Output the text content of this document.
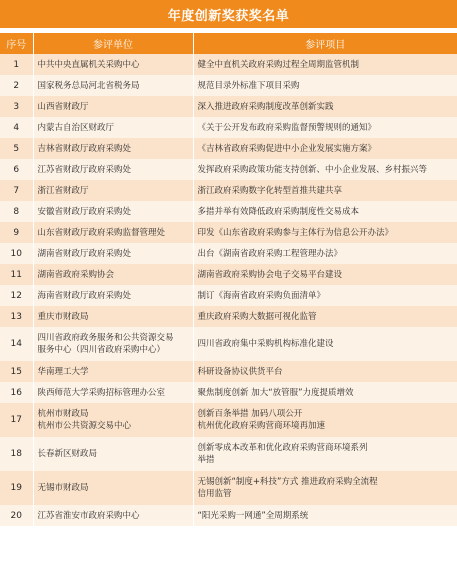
年度创新奖获奖名单
序号	参评单位	参评项目
1	中共中央直属机关采购中心	健全中直机关政府采购过程全周期监管机制

2	国家税务总局河北省税务局	规范目录外标准下项目采购

3	山西省财政厅	深入推进政府采购制度改革创新实践

4	内蒙古自治区财政厅	《关于公开发布政府采购监督预警规则的通知》

5	吉林省财政厅政府采购处	《吉林省政府采购促进中小企业发展实施方案》

6	江苏省财政厅政府采购处	发挥政府采购政策功能支持创新、中小企业发展、乡村振兴等

7	浙江省财政厅	浙江政府采购数字化转型首推共建共享

8	安徽省财政厅政府采购处	多措并举有效降低政府采购制度性交易成本

9	山东省财政厅政府采购监督管理处	印发《山东省政府采购参与主体行为信息公开办法》

10	湖南省财政厅政府采购处	出台《湖南省政府采购工程管理办法》

11	湖南省政府采购协会	湖南省政府采购协会电子交易平台建设

12	海南省财政厅政府采购处	制订《海南省政府采购负面清单》

13	重庆市财政局	重庆政府采购大数据可视化监管

14	四川省政府政务服务和公共资源交易
服务中心（四川省政府采购中心）	四川省政府集中采购机构标准化建设

15	华南理工大学	科研设备协议供货平台

16	陕西师范大学采购招标管理办公室	聚焦制度创新 加大“放管服”力度提质增效

17	杭州市财政局
杭州市公共资源交易中心	创新百条举措 加码八项公开
杭州优化政府采购营商环境再加速

18	长春新区财政局	创新零成本改革和优化政府采购营商环境系列
举措

19	无锡市财政局	无锡创新“制度+科技”方式 推进政府采购全流程
信用监管

20	江苏省淮安市政府采购中心	“阳光采购一网通”全周期系统
